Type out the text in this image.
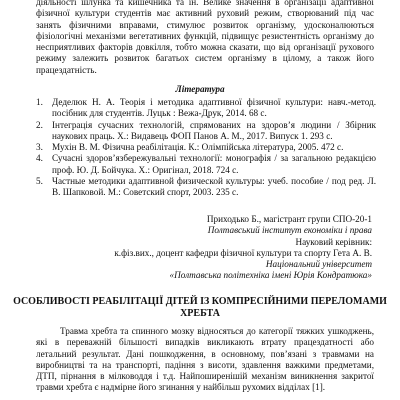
діяльності шлунка та кишечника та ін. Велике значення в організації адаптивної фізичної культури студентів має активний руховий режим, створюваний під час занять фізичними вправами, стимулює розвиток організму, удосконалюються фізіологічні механізми вегетативних функцій, підвищує резистентність організму до несприятливих факторів довкілля, тобто можна сказати, що від організації рухового режиму залежить розвиток багатьох систем організму в цілому, а також його працездатність.

Література
1. Деделюк Н. А. Теорія і методика адаптивної фізичної культури: навч.-метод. посібник для студентів. Луцьк : Вежа-Друк, 2014. 68 с.
2. Інтеграція сучасних технологій, спрямованих на здоров’я людини / Збірник наукових праць. Х.: Видавець ФОП Панов А. М., 2017. Випуск 1. 293 с.
3. Мухін В. М. Фізична реабілітація. К.: Олімпійська література, 2005. 472 с.
4. Сучасні здоров’язбережувальні технології: монографія / за загальною редакцією проф. Ю. Д. Бойчука. Х.: Оригінал, 2018. 724 с.
5. Частные методики адаптивной физической культуры: учеб. пособие / под ред. Л. В. Шапковой. М.: Советский спорт, 2003. 235 с.
Приходько Б., магістрант групи СПО-20-1
Полтавський інститут економіки і права
Науковий керівник:
к.фіз.вих., доцент кафедри фізичної культури та спорту Гета А. В.
Національний університет
«Полтавська політехніка імені Юрія Кондратюка»
ОСОБЛИВОСТІ РЕАБІЛІТАЦІЇ ДІТЕЙ ІЗ КОМПРЕСІЙНИМИ ПЕРЕЛОМАМИ ХРЕБТА

Травма хребта та спинного мозку відносяться до категорії тяжких ушкоджень, які в переважній більшості випадків викликають втрату працездатності або летальний результат. Дані пошкодження, в основному, пов’язані з травмами на виробництві та на транспорті, падіння з висоти, здавлення важкими предметами, ДТП, пірнання в мілководдя і т.д. Найпоширенішій механізм виникнення закритої травми хребта є надмірне його згинання у найбільш рухомих відділах [1].
